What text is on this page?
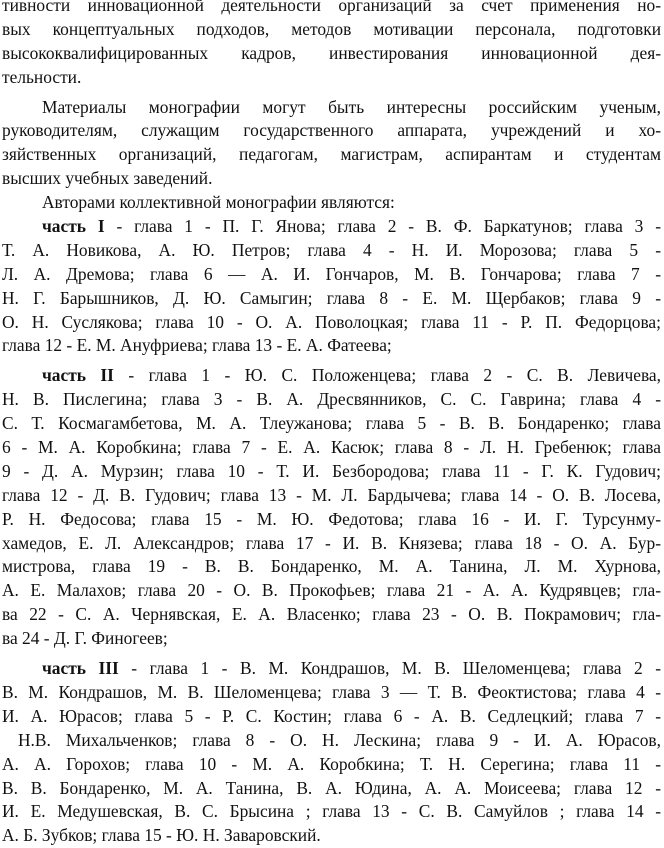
тивности инновационной деятельности организаций за счет применения но-
вых концептуальных подходов, методов мотивации персонала, подготовки
высококвалифицированных кадров, инвестирования инновационной дея-
тельности.
Материалы монографии могут быть интересны российским ученым,
руководителям, служащим государственного аппарата, учреждений и хо-
зяйственных организаций, педагогам, магистрам, аспирантам и студентам
высших учебных заведений.
Авторами коллективной монографии являются:
часть I - глава 1 - П. Г. Янова; глава 2 - В. Ф. Баркатунов; глава 3 -
Т. А. Новикова, А. Ю. Петров; глава 4 - Н. И. Морозова; глава 5 -
Л. А. Дремова; глава 6 — А. И. Гончаров, М. В. Гончарова; глава 7 -
Н. Г. Барышников, Д. Ю. Самыгин; глава 8 - Е. М. Щербаков; глава 9 -
О. Н. Суслякова; глава 10 - О. А. Поволоцкая; глава 11 - Р. П. Федорцова;
глава 12 - Е. М. Ануфриева; глава 13 - Е. А. Фатеева;
часть II - глава 1 - Ю. С. Положенцева; глава 2 - С. В. Левичева,
Н. В. Пислегина; глава 3 - В. А. Дресвянников, С. С. Гаврина; глава 4 -
С. Т. Космагамбетова, М. А. Тлеужанова; глава 5 - В. В. Бондаренко; глава
6 - М. А. Коробкина; глава 7 - Е. А. Касюк; глава 8 - Л. Н. Гребенюк; глава
9 - Д. А. Мурзин; глава 10 - Т. И. Безбородова; глава 11 - Г. К. Гудович;
глава 12 - Д. В. Гудович; глава 13 - М. Л. Бардычева; глава 14 - О. В. Лосева,
Р. Н. Федосова; глава 15 - М. Ю. Федотова; глава 16 - И. Г. Турсунму-
хамедов, Е. Л. Александров; глава 17 - И. В. Князева; глава 18 - О. А. Бур-
мистрова, глава 19 - В. В. Бондаренко, М. А. Танина, Л. М. Хурнова,
А. Е. Малахов; глава 20 - О. В. Прокофьев; глава 21 - А. А. Кудрявцев; гла-
ва 22 - С. А. Чернявская, Е. А. Власенко; глава 23 - О. В. Покрамович; гла-
ва 24 - Д. Г. Финогеев;
часть III - глава 1 - В. М. Кондрашов, М. В. Шеломенцева; глава 2 -
В. М. Кондрашов, М. В. Шеломенцева; глава 3 — Т. В. Феоктистова; глава 4 -
И. А. Юрасов; глава 5 - Р. С. Костин; глава 6 - А. В. Седлецкий; глава 7 -
Н.В. Михальченков; глава 8 - О. Н. Лескина; глава 9 - И. А. Юрасов,
А. А. Горохов; глава 10 - М. А. Коробкина; Т. Н. Серегина; глава 11 -
В. В. Бондаренко, М. А. Танина, В. А. Юдина, А. А. Моисеева; глава 12 -
И. Е. Медушевская, В. С. Брысина ; глава 13 - С. В. Самуйлов ; глава 14 -
А. Б. Зубков; глава 15 - Ю. Н. Заваровский.
